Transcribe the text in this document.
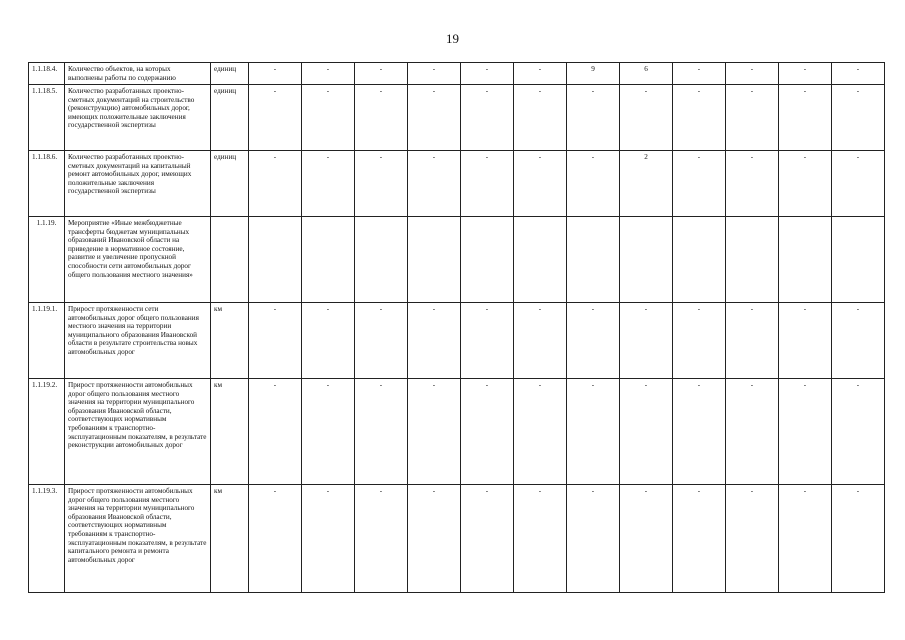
19
1.1.18.4.	Количество объектов, на которых выполнены работы по содержанию	единиц	-	-	-	-	-	-	9	6	-	-	-	-
1.1.18.5.	Количество разработанных проектно-сметных документаций на строительство (реконструкцию) автомобильных дорог, имеющих положительные заключения государственной экспертизы	единиц	-	-	-	-	-	-	-	-	-	-	-	-
1.1.18.6.	Количество разработанных проектно-сметных документаций на капитальный ремонт автомобильных дорог, имеющих положительные заключения государственной экспертизы	единиц	-	-	-	-	-	-	-	2	-	-	-	-
1.1.19.	Мероприятие «Иные межбюджетные трансферты бюджетам муниципальных образований Ивановской области на приведение в нормативное состояние, развитие и увеличение пропускной способности сети автомобильных дорог общего пользования местного значения»													
1.1.19.1.	Прирост протяженности сети автомобильных дорог общего пользования местного значения на территории муниципального образования Ивановской области в результате строительства новых автомобильных дорог	км	-	-	-	-	-	-	-	-	-	-	-	-
1.1.19.2.	Прирост протяженности автомобильных дорог общего пользования местного значения на территории муниципального образования Ивановской области, соответствующих нормативным требованиям к транспортно-эксплуатационным показателям, в результате реконструкции автомобильных дорог	км	-	-	-	-	-	-	-	-	-	-	-	-
1.1.19.3.	Прирост протяженности автомобильных дорог общего пользования местного значения на территории муниципального образования Ивановской области, соответствующих нормативным требованиям к транспортно-эксплуатационным показателям, в результате капитального ремонта и ремонта автомобильных дорог	км	-	-	-	-	-	-	-	-	-	-	-	-
